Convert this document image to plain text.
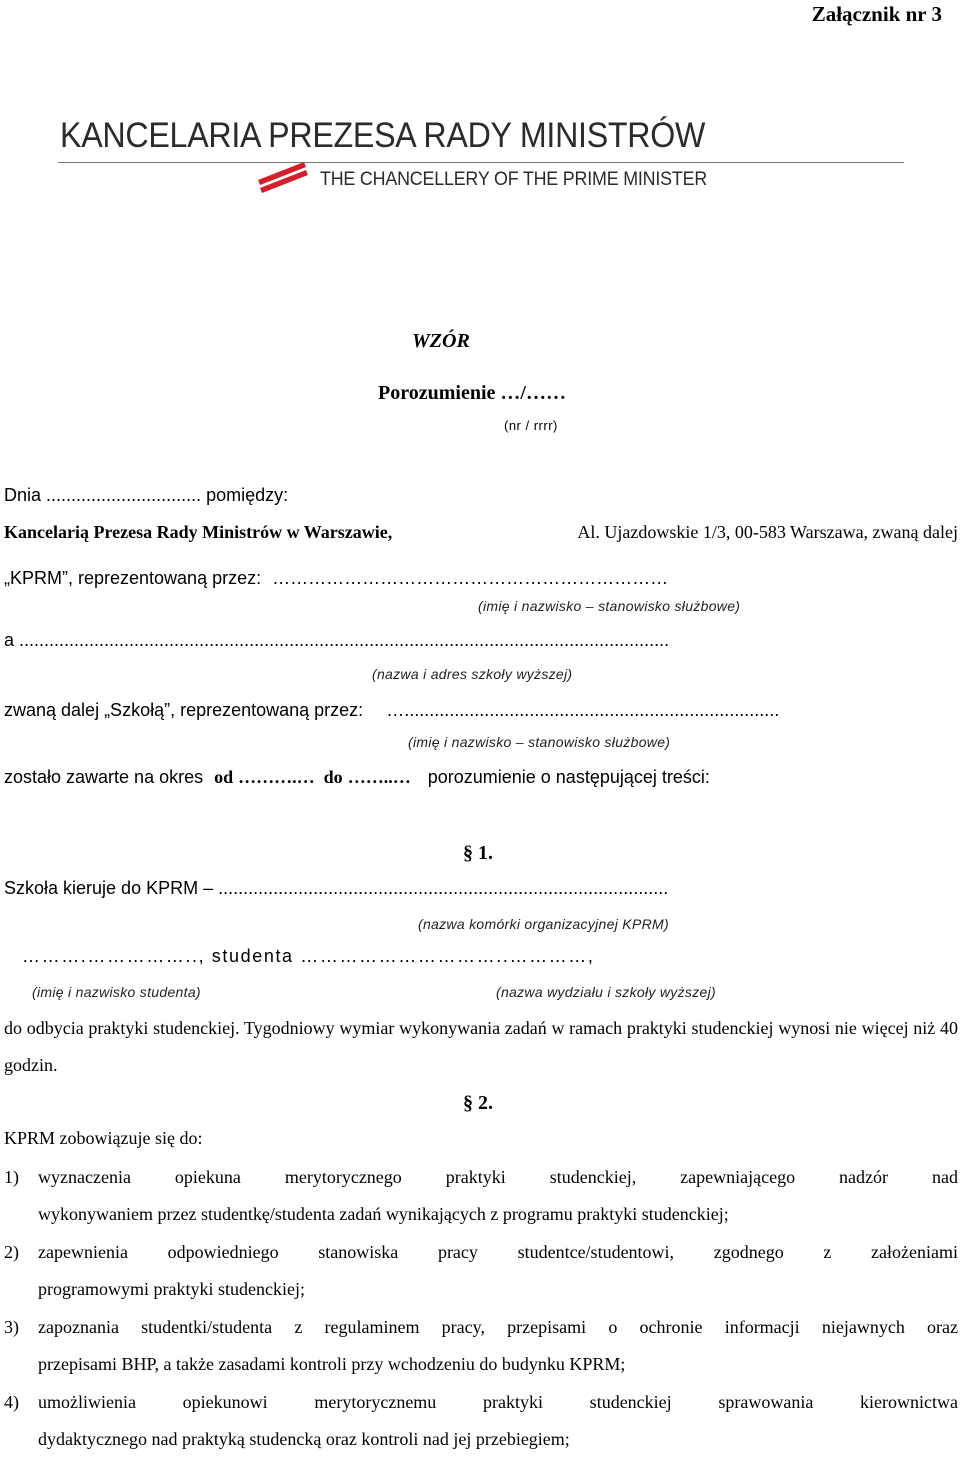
Załącznik nr 3
KANCELARIA PREZESA RADY MINISTRÓW
THE CHANCELLERY OF THE PRIME MINISTER
WZÓR
Porozumienie …/……
(nr / rrrr)
Dnia ............................... pomiędzy:
Kancelarią Prezesa Rady Ministrów w Warszawie,	Al. Ujazdowskie 1/3, 00-583 Warszawa, zwaną dalej
„KPRM”, reprezentowaną przez: …………………………………………………………
(imię i nazwisko – stanowisko służbowe)
a ..................................................................................................................................
(nazwa i adres szkoły wyższej)
zwaną dalej „Szkołą”, reprezentowaną przez: …...........................................................................
(imię i nazwisko – stanowisko służbowe)
zostało zawarte na okres od ……….… do ……..… porozumienie o następującej treści:
§ 1.
Szkoła kieruje do KPRM – ..........................................................................................
(nazwa komórki organizacyjnej KPRM)
……….…………….., studenta …………………………..…………,
(imię i nazwisko studenta)	(nazwa wydziału i szkoły wyższej)
do odbycia praktyki studenckiej. Tygodniowy wymiar wykonywania zadań w ramach praktyki studenckiej wynosi nie więcej niż 40 godzin.
§ 2.
KPRM zobowiązuje się do:
1) wyznaczenia opiekuna merytorycznego praktyki studenckiej, zapewniającego nadzór nad
wykonywaniem przez studentkę/studenta zadań wynikających z programu praktyki studenckiej;
2) zapewnienia odpowiedniego stanowiska pracy studentce/studentowi, zgodnego z założeniami
programowymi praktyki studenckiej;
3) zapoznania studentki/studenta z regulaminem pracy, przepisami o ochronie informacji niejawnych oraz
przepisami BHP, a także zasadami kontroli przy wchodzeniu do budynku KPRM;
4) umożliwienia opiekunowi merytorycznemu praktyki studenckiej sprawowania kierownictwa
dydaktycznego nad praktyką studencką oraz kontroli nad jej przebiegiem;
